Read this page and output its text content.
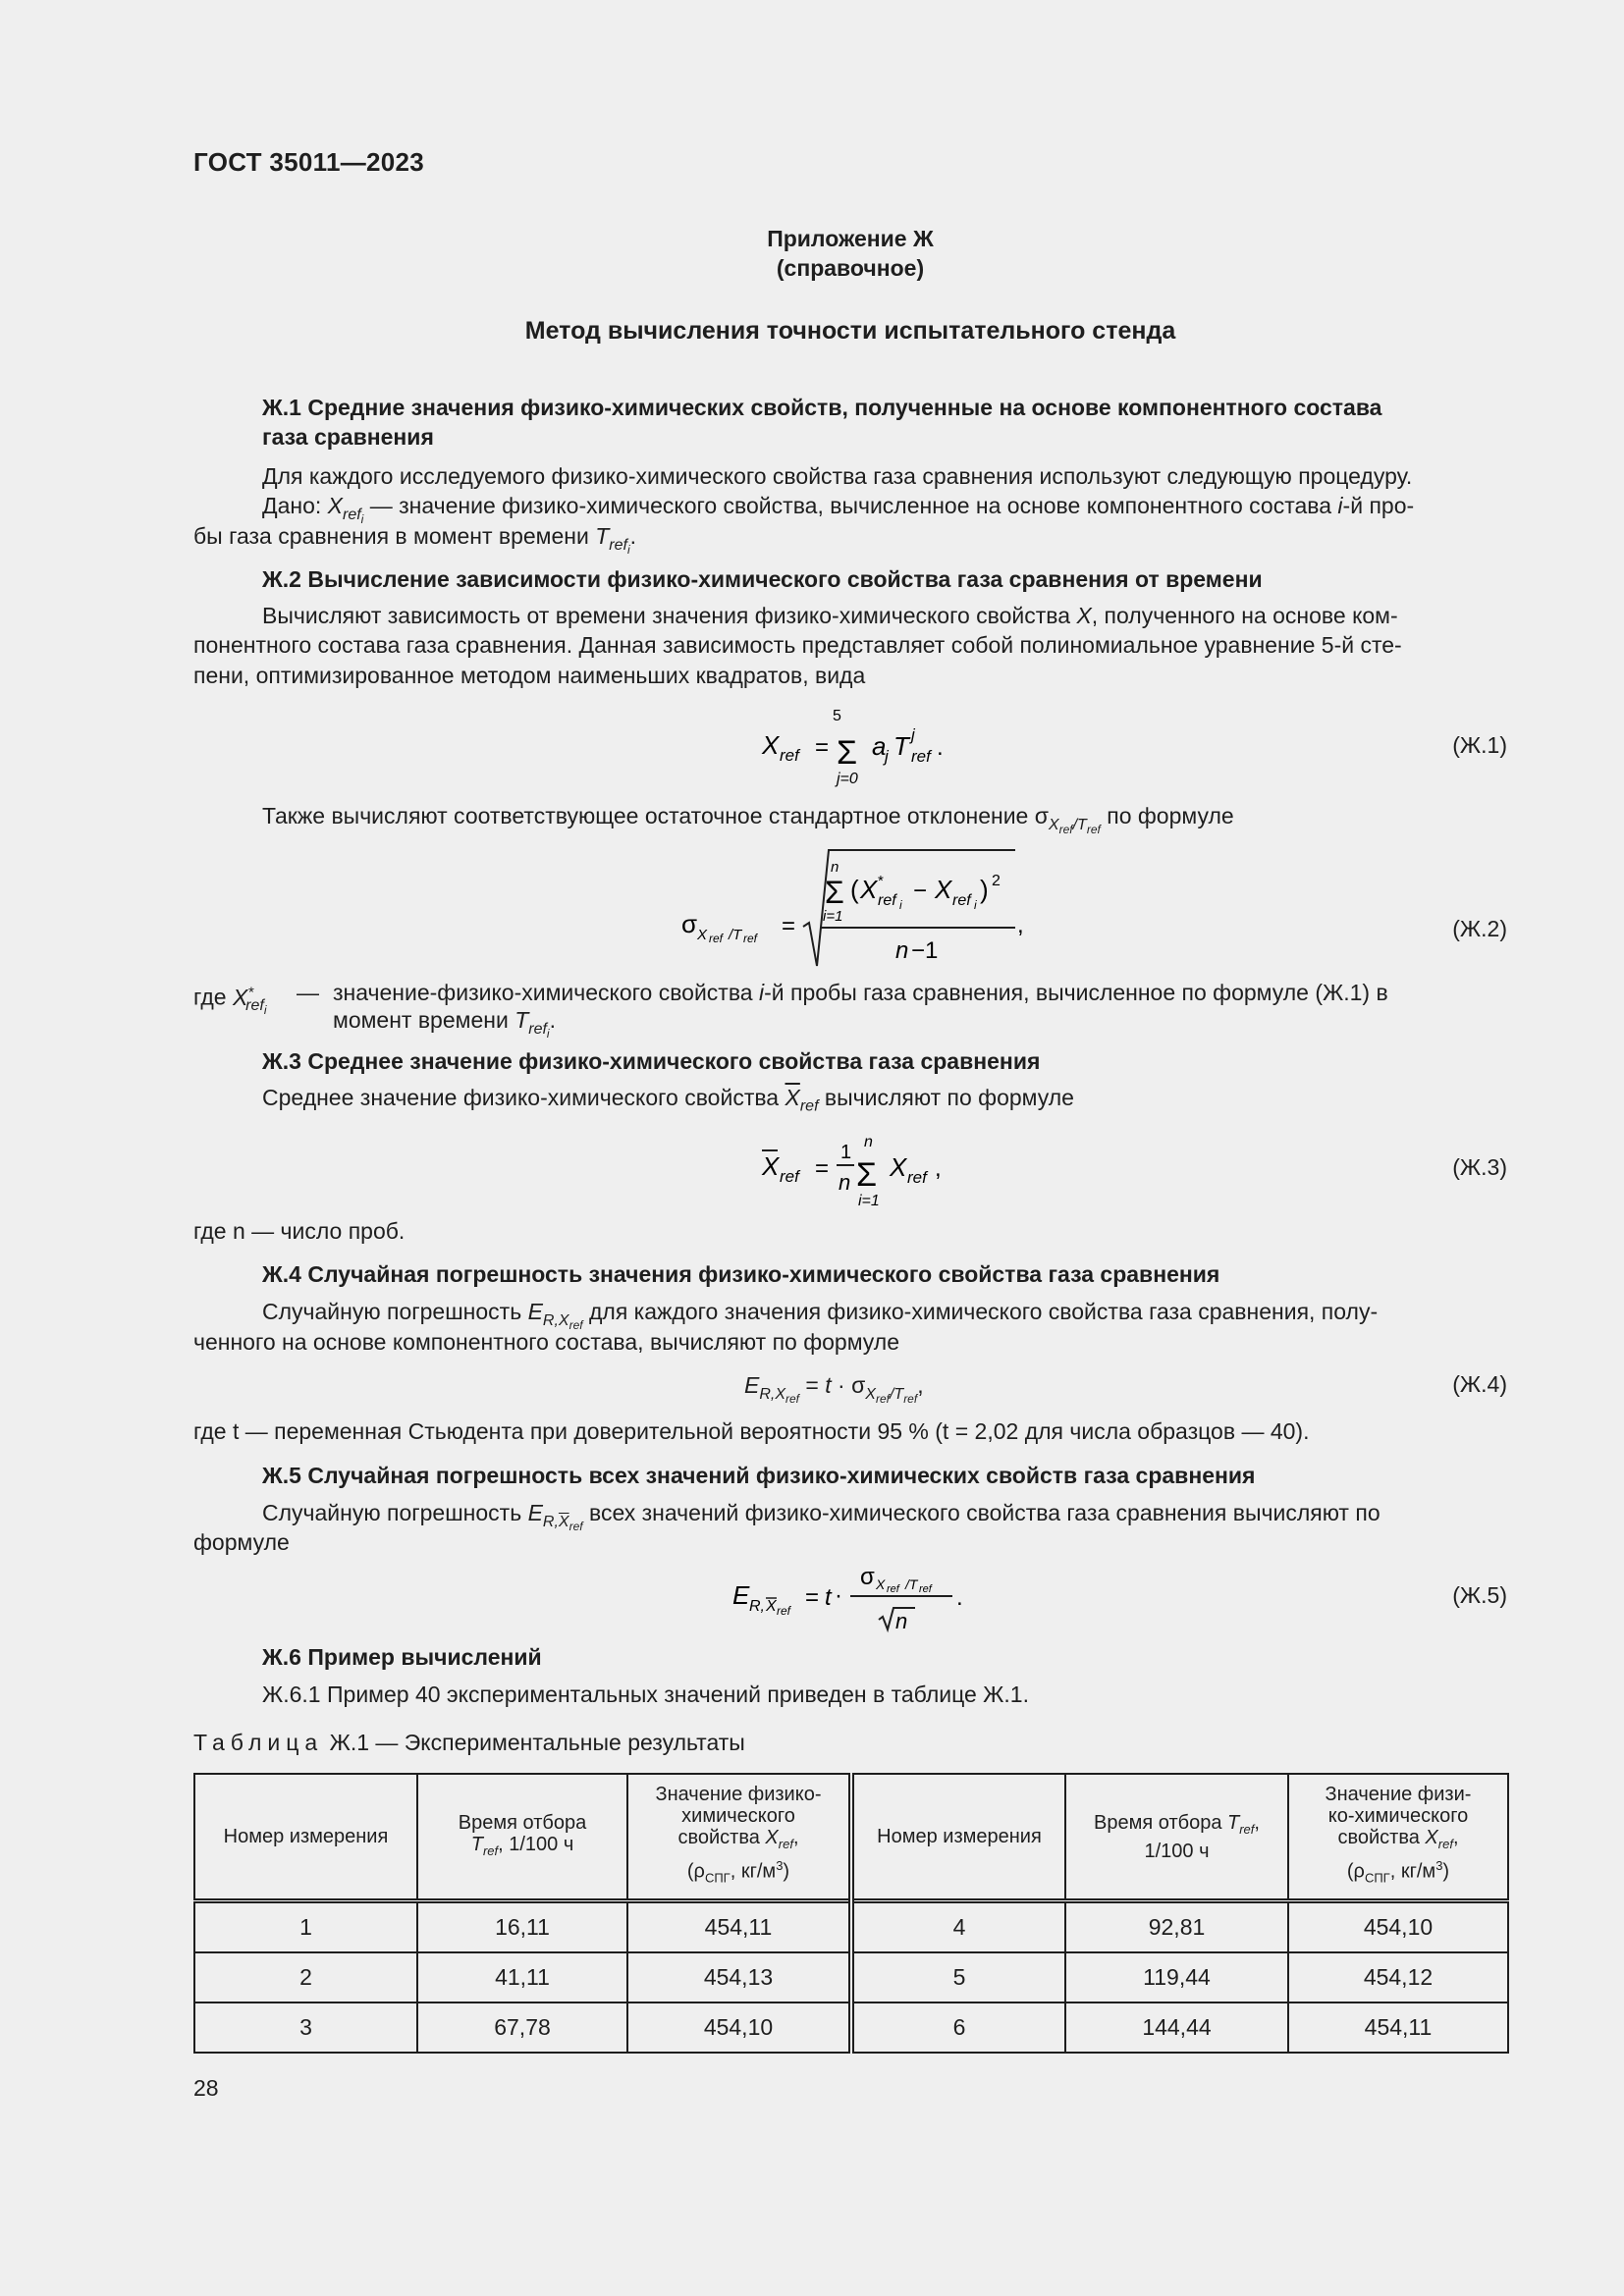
ГОСТ 35011—2023
Приложение Ж
(справочное)
Метод вычисления точности испытательного стенда
Ж.1 Средние значения физико-химических свойств, полученные на основе компонентного состава
газа сравнения
Для каждого исследуемого физико-химического свойства газа сравнения используют следующую процедуру.
Дано: $X_{ref_i}$ — значение физико-химического свойства, вычисленное на основе компонентного состава i-й про-
бы газа сравнения в момент времени $T_{ref_i}$.
Ж.2 Вычисление зависимости физико-химического свойства газа сравнения от времени
Вычисляют зависимость от времени значения физико-химического свойства X, полученного на основе ком-
понентного состава газа сравнения. Данная зависимость представляет собой полиномиальное уравнение 5-й сте-
пени, оптимизированное методом наименьших квадратов, вида
X ref =
5
Σ
j=0
a
j T j
ref .	(Ж.1)
Также вычисляют соответствующее остаточное стандартное отклонение $\sigma_{X_{ref}/T_{ref}}$ по формуле
σ X ref /T ref =
n
Σ
i=1
( X *
ref i
− X ref i
) 2
n −1
,	(Ж.2)
где $X^*_{ref_i}$
— значение-физико-химического свойства i-й пробы газа сравнения, вычисленное по формуле (Ж.1) в
момент времени $T_{ref_i}$.
Ж.3 Среднее значение физико-химического свойства газа сравнения
Среднее значение физико-химического свойства $\overline{X}_{ref}$ вычисляют по формуле
X ref =
1
n
n
Σ
i=1
X ref ,	(Ж.3)
где n — число проб.
Ж.4 Случайная погрешность значения физико-химического свойства газа сравнения
Случайную погрешность $E_{R,X_{ref}}$ для каждого значения физико-химического свойства газа сравнения, полу-
ченного на основе компонентного состава, вычисляют по формуле
$E_{R,X_{ref}} = t \cdot \sigma_{X_{ref}/T_{ref}}$,	(Ж.4)
где t — переменная Стьюдента при доверительной вероятности 95 % (t = 2,02 для числа образцов — 40).
Ж.5 Случайная погрешность всех значений физико-химических свойств газа сравнения
Случайную погрешность $E_{R,\overline{X}_{ref}}$ всех значений физико-химического свойства газа сравнения вычисляют по
формуле
E R, X ref = t ·
σ X ref /T ref
n
.	(Ж.5)
Ж.6 Пример вычислений
Ж.6.1 Пример 40 экспериментальных значений приведен в таблице Ж.1.
Таблица Ж.1 — Экспериментальные результаты
Номер измерения	Время отбора
$T_{ref}$, 1/100 ч	Значение физико-
химического
свойства $X_{ref}$,
($\rho_{СПГ}$, $кг/м^3$)	Номер измерения	Время отбора $T_{ref}$,
1/100 ч	Значение физи-
ко-химического
свойства $X_{ref}$,
($\rho_{СПГ}$, $кг/м^3$)
1	16,11	454,11	4	92,81	454,10
2	41,11	454,13	5	119,44	454,12
3	67,78	454,10	6	144,44	454,11
28
